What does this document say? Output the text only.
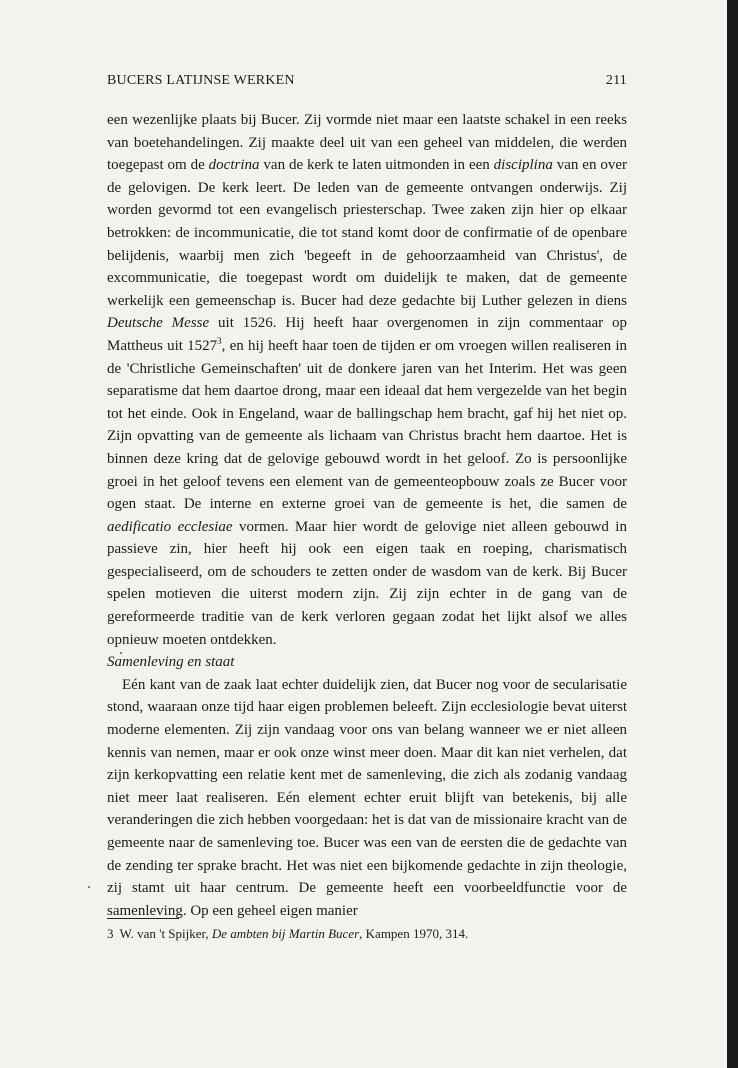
BUCERS LATIJNSE WERKEN	211

een wezenlijke plaats bij Bucer. Zij vormde niet maar een laatste schakel in een reeks van boetehandelingen. Zij maakte deel uit van een geheel van middelen, die werden toegepast om de doctrina van de kerk te laten uitmonden in een disciplina van en over de gelovigen. De kerk leert. De leden van de gemeente ontvangen onderwijs. Zij worden gevormd tot een evangelisch priesterschap. Twee zaken zijn hier op elkaar betrokken: de incommunicatie, die tot stand komt door de confirmatie of de openbare belijdenis, waarbij men zich 'begeeft in de gehoorzaamheid van Christus', de excommunicatie, die toegepast wordt om duidelijk te maken, dat de gemeente werkelijk een gemeenschap is. Bucer had deze gedachte bij Luther gelezen in diens Deutsche Messe uit 1526. Hij heeft haar overgenomen in zijn commentaar op Mattheus uit 1527$^3$, en hij heeft haar toen de tijden er om vroegen willen realiseren in de 'Christliche Gemeinschaften' uit de donkere jaren van het Interim. Het was geen separatisme dat hem daartoe drong, maar een ideaal dat hem vergezelde van het begin tot het einde. Ook in Engeland, waar de ballingschap hem bracht, gaf hij het niet op. Zijn opvatting van de gemeente als lichaam van Christus bracht hem daartoe. Het is binnen deze kring dat de gelovige gebouwd wordt in het geloof. Zo is persoonlijke groei in het geloof tevens een element van de gemeenteopbouw zoals ze Bucer voor ogen staat. De interne en externe groei van de gemeente is het, die samen de aedificatio ecclesiae vormen. Maar hier wordt de gelovige niet alleen gebouwd in passieve zin, hier heeft hij ook een eigen taak en roeping, charismatisch gespecialiseerd, om de schouders te zetten onder de wasdom van de kerk. Bij Bucer spelen motieven die uiterst modern zijn. Zij zijn echter in de gang van de gereformeerde traditie van de kerk verloren gegaan zodat het lijkt alsof we alles opnieuw moeten ontdekken.

Samenleving en staat

Eén kant van de zaak laat echter duidelijk zien, dat Bucer nog voor de secularisatie stond, waaraan onze tijd haar eigen problemen beleeft. Zijn ecclesiologie bevat uiterst moderne elementen. Zij zijn vandaag voor ons van belang wanneer we er niet alleen kennis van nemen, maar er ook onze winst meer doen. Maar dit kan niet verhelen, dat zijn kerkopvatting een relatie kent met de samenleving, die zich als zodanig vandaag niet meer laat realiseren. Eén element echter eruit blijft van betekenis, bij alle veranderingen die zich hebben voorgedaan: het is dat van de missionaire kracht van de gemeente naar de samenleving toe. Bucer was een van de eersten die de gedachte van de zending ter sprake bracht. Het was niet een bijkomende gedachte in zijn theologie, zij stamt uit haar centrum. De gemeente heeft een voorbeeldfunctie voor de samenleving. Op een geheel eigen manier

3 W. van 't Spijker, De ambten bij Martin Bucer, Kampen 1970, 314.
